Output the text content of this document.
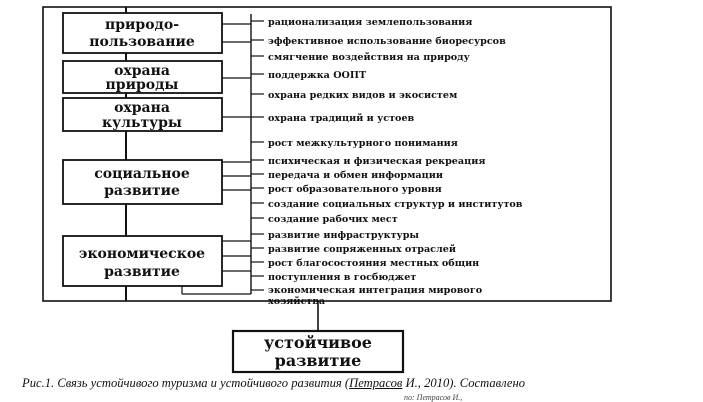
природо-
пользование
охрана
природы
охрана
культуры
социальное
развитие
экономическое
развитие
рационализация землепользования
эффективное использование биоресурсов
смягчение воздействия на природу
поддержка ООПТ
охрана редких видов и экосистем
охрана традиций и устоев
рост межкультурного понимания
психическая и физическая рекреация
передача и обмен информации
рост образовательного уровня
создание социальных структур и институтов
создание рабочих мест
развитие инфраструктуры
развитие сопряженных отраслей
рост благосостояния местных общин
поступления в госбюджет
экономическая интеграция мирового
хозяйства
устойчивое
развитие
Рис.1. Связь устойчивого туризма и устойчивого развития (Петрасов И., 2010). Составлено
по: Петрасов И.,
